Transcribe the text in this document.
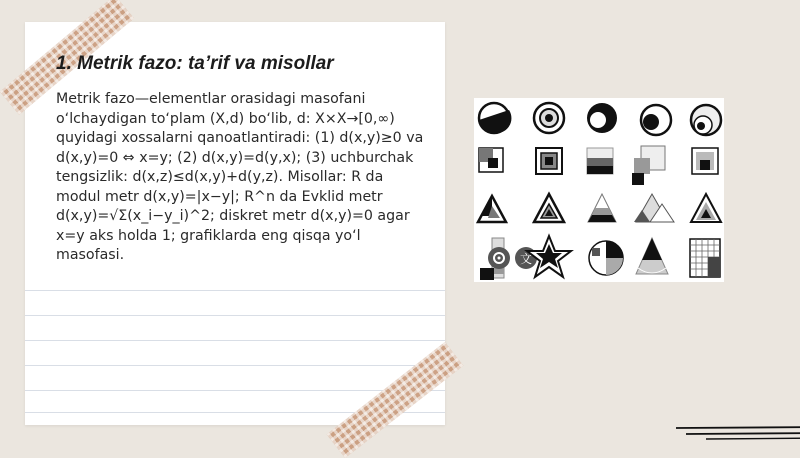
1. Metrik fazo: ta’rif va misollar

Metrik fazo—elementlar orasidagi masofani o‘lchaydigan to‘plam (X,d) bo‘lib, d: X×X→[0,∞) quyidagi xossalarni qanoatlantiradi: (1) d(x,y)≥0 va d(x,y)=0 ⇔ x=y; (2) d(x,y)=d(y,x); (3) uchburchak tengsizlik: d(x,z)≤d(x,y)+d(y,z). Misollar: R da modul metr d(x,y)=|x−y|; R^n da Evklid metr d(x,y)=√Σ(x_i−y_i)^2; diskret metr d(x,y)=0 agar x=y aks holda 1; grafiklarda eng qisqa yo‘l masofasi.	文
